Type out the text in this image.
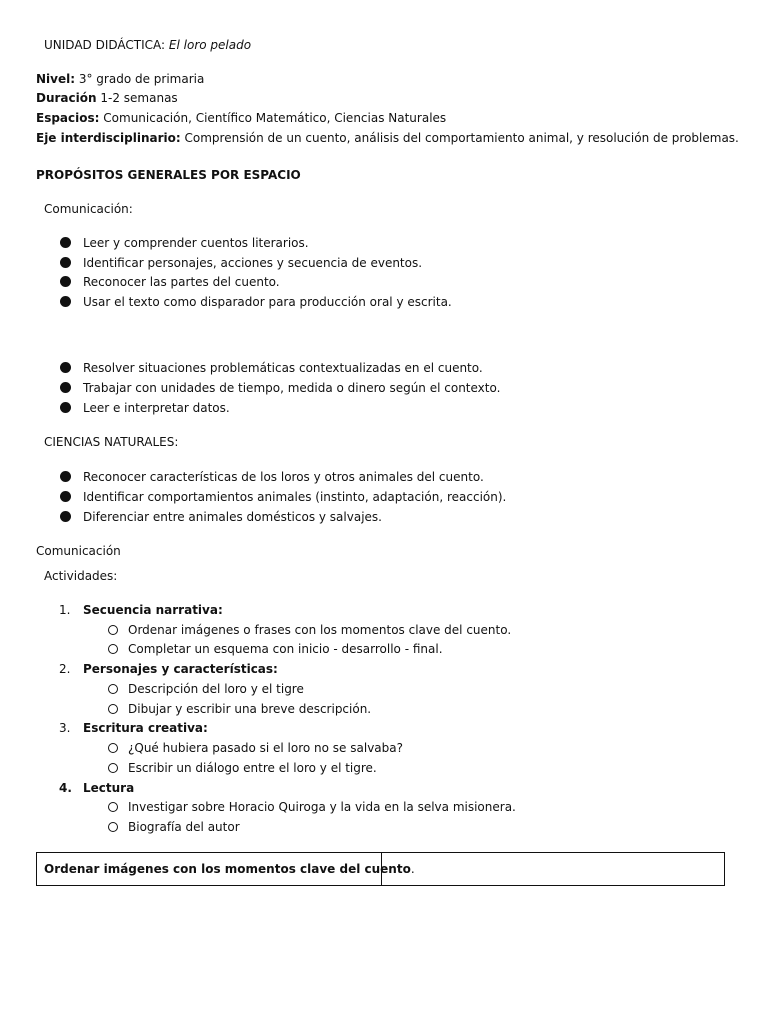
UNIDAD DIDÁCTICA: El loro pelado
Nivel: 3° grado de primaria
Duración 1-2 semanas
Espacios: Comunicación, Científico Matemático, Ciencias Naturales
Eje interdisciplinario: Comprensión de un cuento, análisis del comportamiento animal, y resolución de problemas.
PROPÓSITOS GENERALES POR ESPACIO
Comunicación:
Leer y comprender cuentos literarios.
Identificar personajes, acciones y secuencia de eventos.
Reconocer las partes del cuento.
Usar el texto como disparador para producción oral y escrita.
Resolver situaciones problemáticas contextualizadas en el cuento.
Trabajar con unidades de tiempo, medida o dinero según el contexto.
Leer e interpretar datos.
CIENCIAS NATURALES:
Reconocer características de los loros y otros animales del cuento.
Identificar comportamientos animales (instinto, adaptación, reacción).
Diferenciar entre animales domésticos y salvajes.
Comunicación
Actividades:
1. Secuencia narrativa:
Ordenar imágenes o frases con los momentos clave del cuento.
Completar un esquema con inicio - desarrollo - final.
2. Personajes y características:
Descripción del loro y el tigre
Dibujar y escribir una breve descripción.
3. Escritura creativa:
¿Qué hubiera pasado si el loro no se salvaba?
Escribir un diálogo entre el loro y el tigre.
4. Lectura
Investigar sobre Horacio Quiroga y la vida en la selva misionera.
Biografía del autor
Ordenar imágenes con los momentos clave del cuento.
